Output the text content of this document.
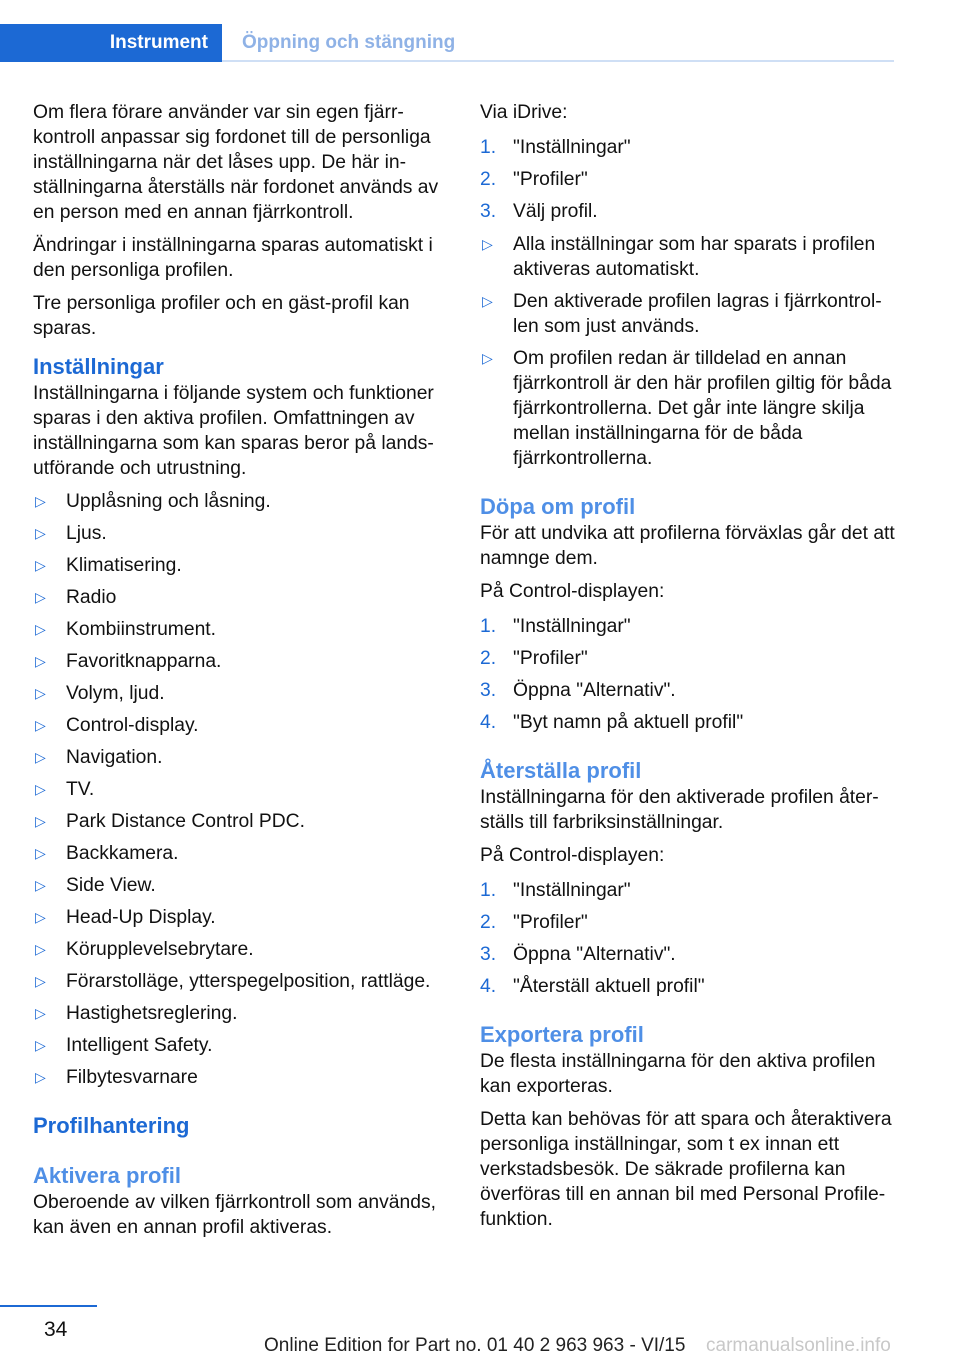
Instrument	Öppning och stängning

Om flera förare använder var sin egen fjärrkontroll anpassar sig fordonet till de personliga inställningarna när det låses upp. De här inställningarna återställs när fordonet används av en person med en annan fjärrkontroll.

Ändringar i inställningarna sparas automatiskt i den personliga profilen.

Tre personliga profiler och en gäst-profil kan sparas.

Inställningar

Inställningarna i följande system och funktioner sparas i den aktiva profilen. Omfattningen av inställningarna som kan sparas beror på landsutförande och utrustning.

▷ Upplåsning och låsning.
▷ Ljus.
▷ Klimatisering.
▷ Radio
▷ Kombiinstrument.
▷ Favoritknapparna.
▷ Volym, ljud.
▷ Control-display.
▷ Navigation.
▷ TV.
▷ Park Distance Control PDC.
▷ Backkamera.
▷ Side View.
▷ Head-Up Display.
▷ Körupplevelsebrytare.
▷ Förarstolläge, ytterspegelposition, rattläge.
▷ Hastighetsreglering.
▷ Intelligent Safety.
▷ Filbytesvarnare
Profilhantering
Aktivera profil

Oberoende av vilken fjärrkontroll som används, kan även en annan profil aktiveras.

Via iDrive:

1. "Inställningar"
2. "Profiler"
3. Välj profil.
▷ Alla inställningar som har sparats i profilen aktiveras automatiskt.
▷ Den aktiverade profilen lagras i fjärrkontrollen som just används.
▷ Om profilen redan är tilldelad en annan fjärrkontroll är den här profilen giltig för båda fjärrkontrollerna. Det går inte längre skilja mellan inställningarna för de båda fjärrkontrollerna.
Döpa om profil

För att undvika att profilerna förväxlas går det att namnge dem.

På Control-displayen:

1. "Inställningar"
2. "Profiler"
3. Öppna "Alternativ".
4. "Byt namn på aktuell profil"
Återställa profil

Inställningarna för den aktiverade profilen återställs till farbriksinställningar.

På Control-displayen:

1. "Inställningar"
2. "Profiler"
3. Öppna "Alternativ".
4. "Återställ aktuell profil"
Exportera profil

De flesta inställningarna för den aktiva profilen kan exporteras.

Detta kan behövas för att spara och återaktivera personliga inställningar, som t ex innan ett verkstadsbesök. De säkrade profilerna kan överföras till en annan bil med Personal Profile-funktion.

34
Online Edition for Part no. 01 40 2 963 963 - VI/15 carmanualsonline.info
